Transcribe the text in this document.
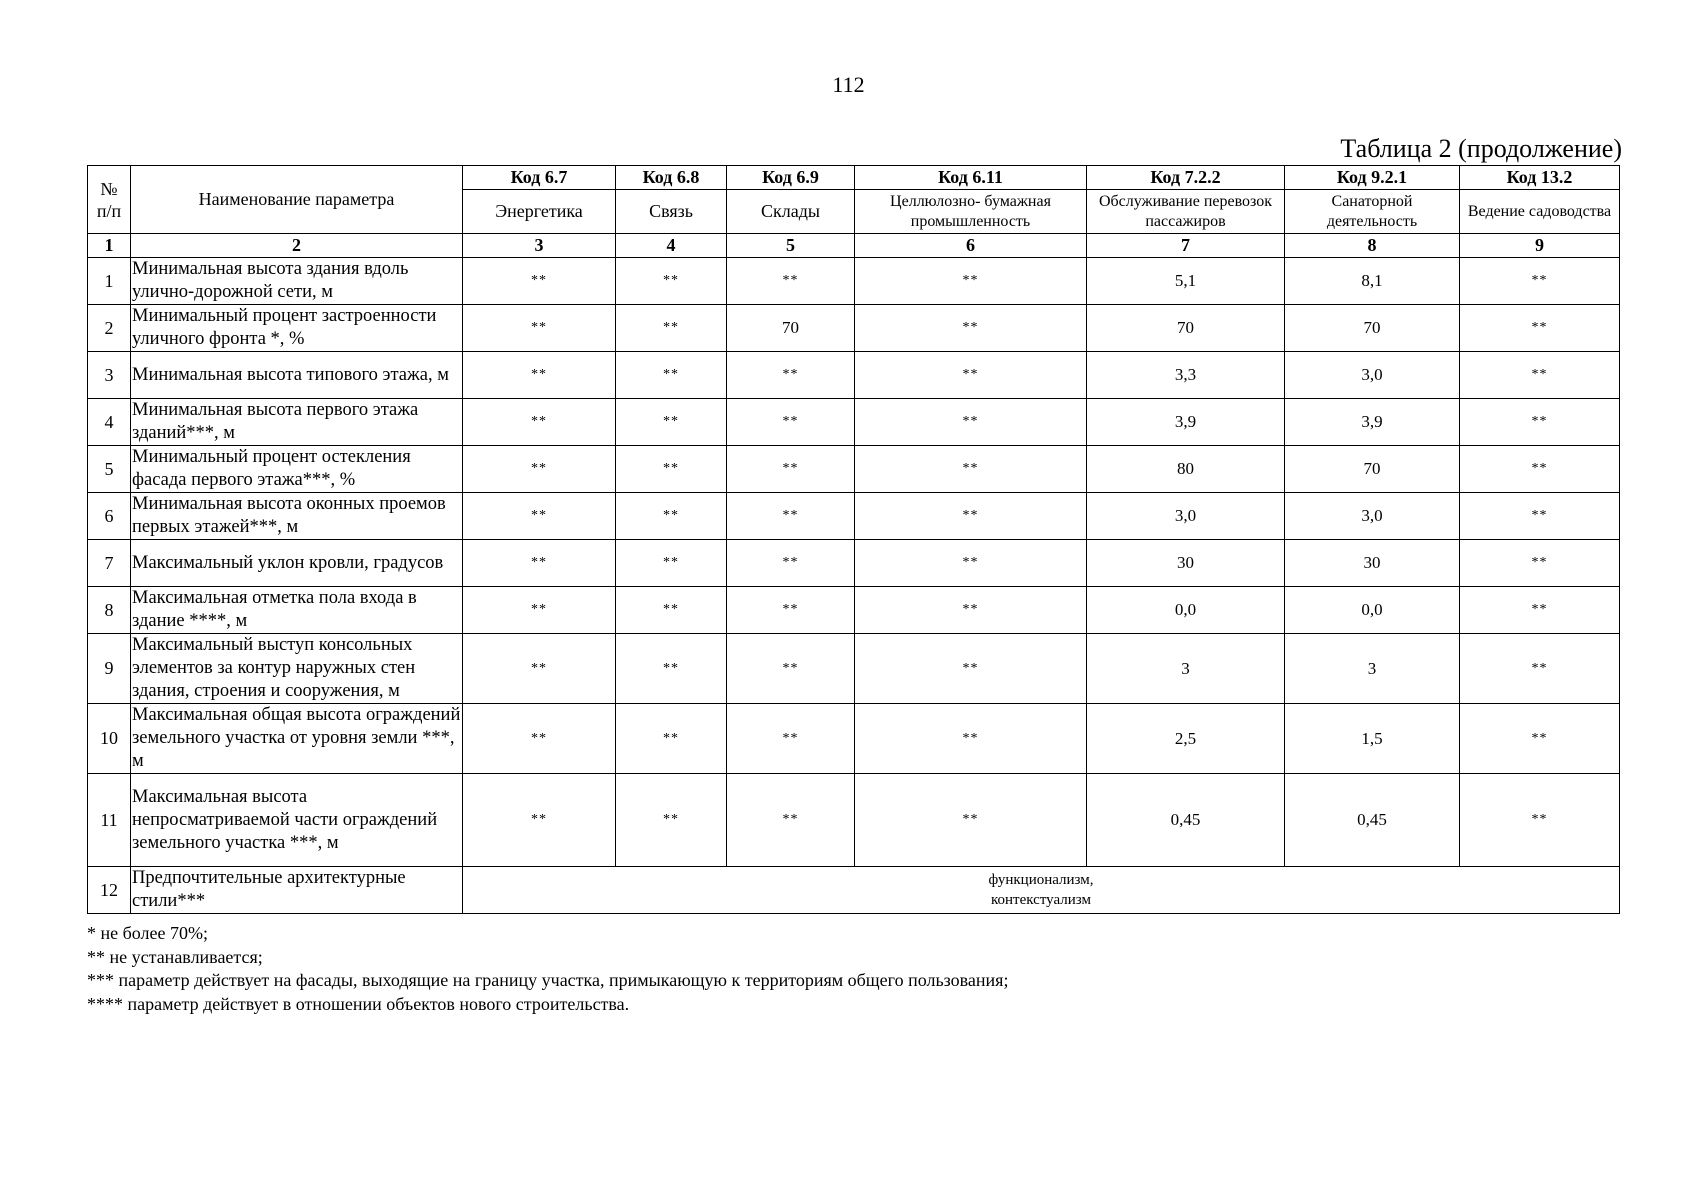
112
Таблица 2 (продолжение)
№
п/п	Наименование параметра	Код 6.7	Код 6.8	Код 6.9	Код 6.11	Код 7.2.2	Код 9.2.1	Код 13.2
		Энергетика	Связь	Склады	Целлюлозно- бумажная промышленность	Обслуживание перевозок пассажиров	Санаторной деятельность	Ведение садоводства
1	2	3	4	5	6	7	8	9
1	Минимальная высота здания вдоль улично-дорожной сети, м	**	**	**	**	5,1	8,1	**
2	Минимальный процент застроенности уличного фронта *, %	**	**	70	**	70	70	**
3	Минимальная высота типового этажа, м	**	**	**	**	3,3	3,0	**
4	Минимальная высота первого этажа зданий***, м	**	**	**	**	3,9	3,9	**
5	Минимальный процент остекления фасада первого этажа***, %	**	**	**	**	80	70	**
6	Минимальная высота оконных проемов первых этажей***, м	**	**	**	**	3,0	3,0	**
7	Максимальный уклон кровли, градусов	**	**	**	**	30	30	**
8	Максимальная отметка пола входа в здание ****, м	**	**	**	**	0,0	0,0	**
9	Максимальный выступ консольных элементов за контур наружных стен здания, строения и сооружения, м	**	**	**	**	3	3	**
10	Максимальная общая высота ограждений земельного участка от уровня земли ***, м	**	**	**	**	2,5	1,5	**
11	Максимальная высота непросматриваемой части ограждений земельного участка ***, м	**	**	**	**	0,45	0,45	**
12	Предпочтительные архитектурные стили***	функционализм,
контекстуализм						
* не более 70%;
** не устанавливается;
*** параметр действует на фасады, выходящие на границу участка, примыкающую к территориям общего пользования;
**** параметр действует в отношении объектов нового строительства.
